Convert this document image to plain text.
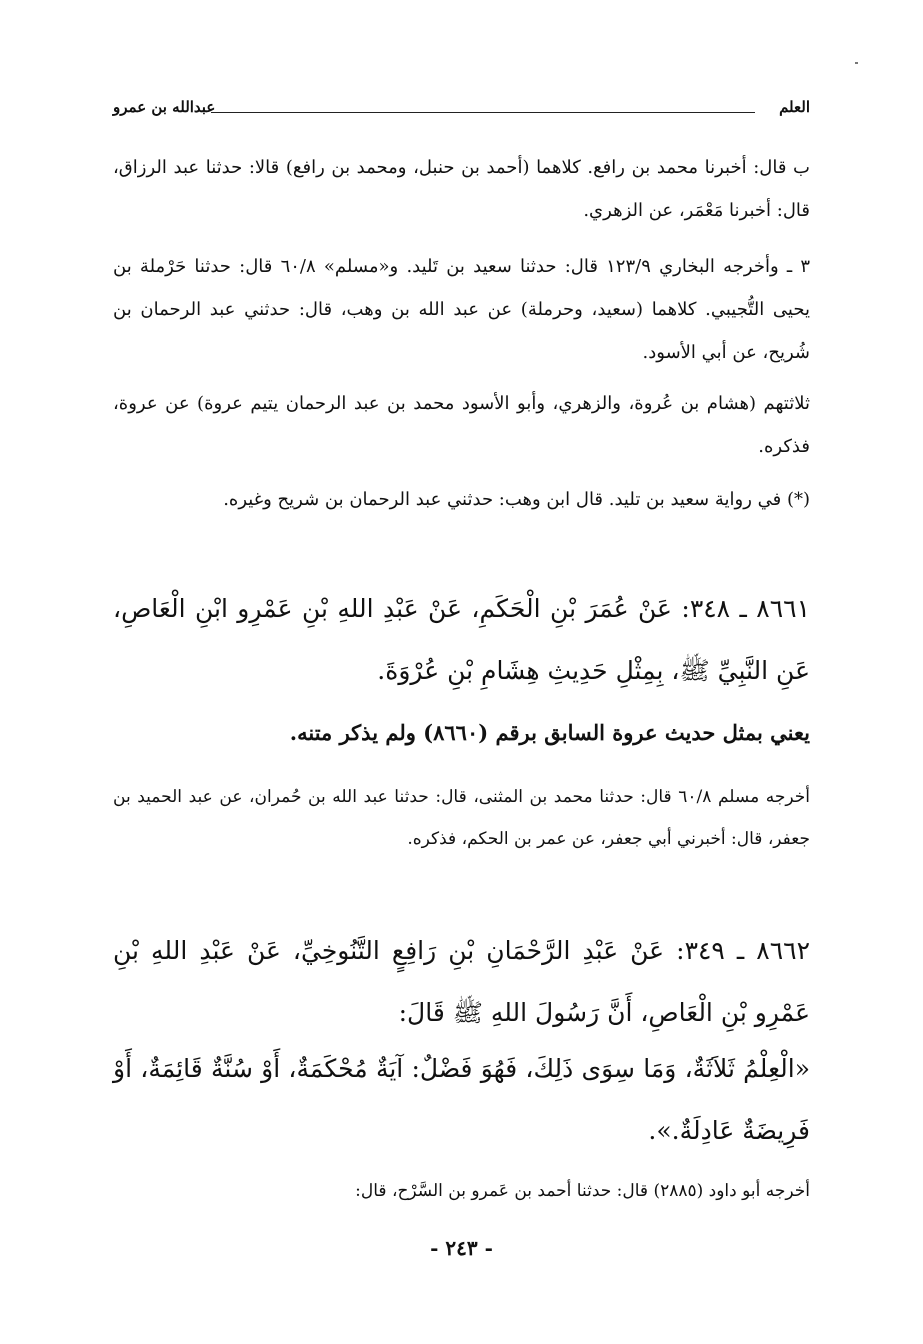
العلم
عبدالله بن عمرو
ب قال: أخبرنا محمد بن رافع. كلاهما (أحمد بن حنبل، ومحمد بن رافع) قالا: حدثنا عبد الرزاق، قال: أخبرنا مَعْمَر، عن الزهري.
٣ ـ وأخرجه البخاري ١٢٣/٩ قال: حدثنا سعيد بن تَليد. و«مسلم» ٦٠/٨ قال: حدثنا حَرْملة بن يحيى التُّجيبي. كلاهما (سعيد، وحرملة) عن عبد الله بن وهب، قال: حدثني عبد الرحمان بن شُريح، عن أبي الأسود.
ثلاثتهم (هشام بن عُروة، والزهري، وأبو الأسود محمد بن عبد الرحمان يتيم عروة) عن عروة، فذكره.
(*) في رواية سعيد بن تليد. قال ابن وهب: حدثني عبد الرحمان بن شريح وغيره.
٨٦٦١ ـ ٣٤٨: عَنْ عُمَرَ بْنِ الْحَكَمِ، عَنْ عَبْدِ اللهِ بْنِ عَمْرِو ابْنِ الْعَاصِ، عَنِ النَّبِيِّ ﷺ، بِمِثْلِ حَدِيثِ هِشَامِ بْنِ عُرْوَةَ.
يعني بمثل حديث عروة السابق برقم (٨٦٦٠) ولم يذكر متنه.
أخرجه مسلم ٦٠/٨ قال: حدثنا محمد بن المثنى، قال: حدثنا عبد الله بن حُمران، عن عبد الحميد بن جعفر، قال: أخبرني أبي جعفر، عن عمر بن الحكم، فذكره.
٨٦٦٢ ـ ٣٤٩: عَنْ عَبْدِ الرَّحْمَانِ بْنِ رَافِعٍ التَّنُوخِيِّ، عَنْ عَبْدِ اللهِ بْنِ عَمْرِو بْنِ الْعَاصِ، أَنَّ رَسُولَ اللهِ ﷺ قَالَ:
«الْعِلْمُ ثَلاَثَةٌ، وَمَا سِوَى ذَلِكَ، فَهُوَ فَضْلٌ: آيَةٌ مُحْكَمَةٌ، أَوْ سُنَّةٌ قَائِمَةٌ، أَوْ فَرِيضَةٌ عَادِلَةٌ.».
أخرجه أبو داود (٢٨٨٥) قال: حدثنا أحمد بن عَمرو بن السَّرْح، قال:
- ٢٤٣ -
